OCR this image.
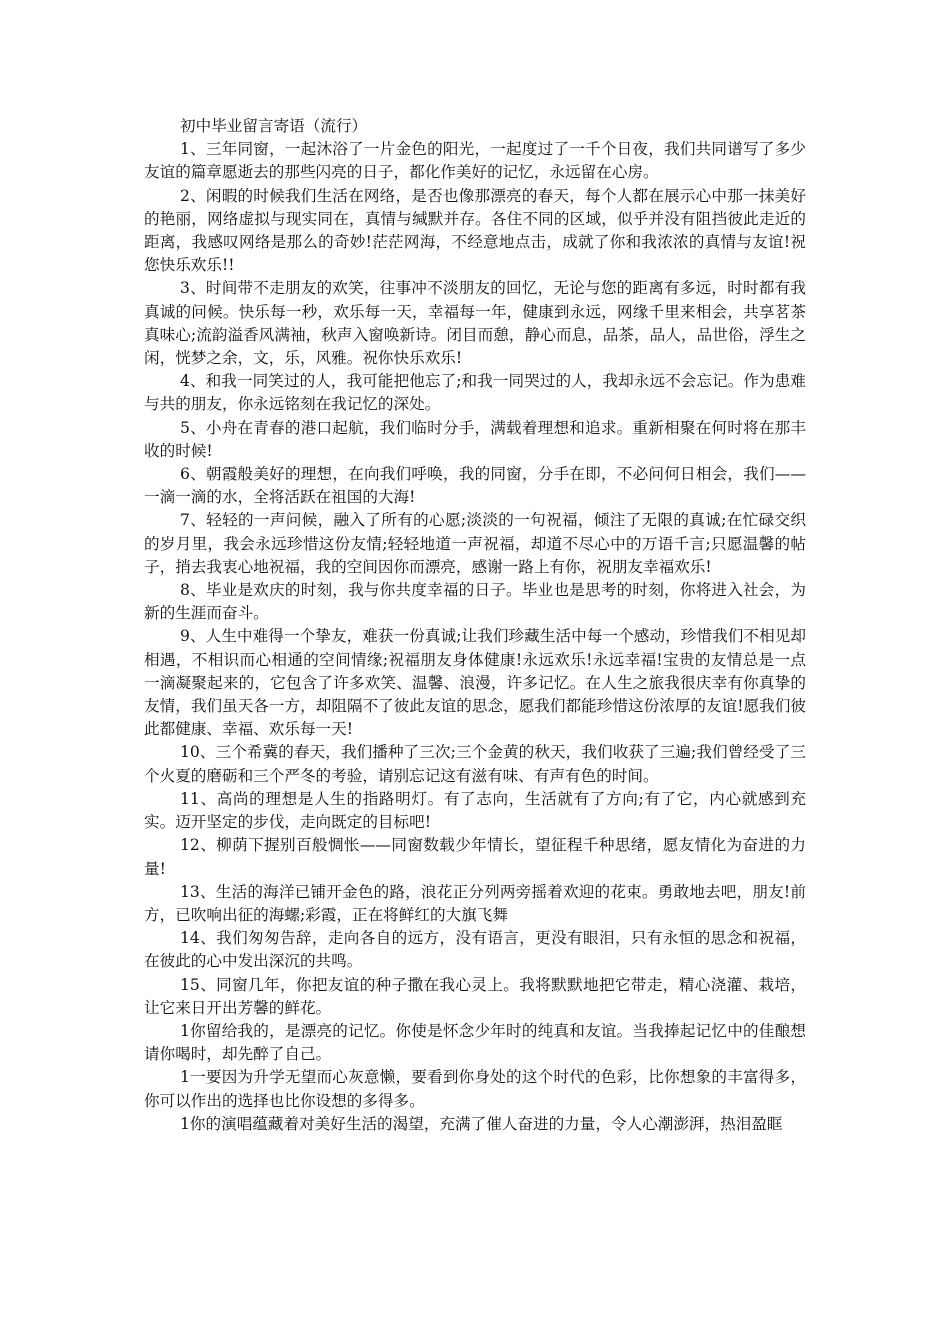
初中毕业留言寄语（流行）

1、三年同窗，一起沐浴了一片金色的阳光，一起度过了一千个日夜，我们共同谱写了多少友谊的篇章愿逝去的那些闪亮的日子，都化作美好的记忆，永远留在心房。

2、闲暇的时候我们生活在网络，是否也像那漂亮的春天，每个人都在展示心中那一抹美好的艳丽，网络虚拟与现实同在，真情与缄默并存。各住不同的区域，似乎并没有阻挡彼此走近的距离，我感叹网络是那么的奇妙!茫茫网海，不经意地点击，成就了你和我浓浓的真情与友谊!祝您快乐欢乐!!

3、时间带不走朋友的欢笑，往事冲不淡朋友的回忆，无论与您的距离有多远，时时都有我真诚的问候。快乐每一秒，欢乐每一天，幸福每一年，健康到永远，网缘千里来相会，共享茗茶真味心;流韵溢香风满袖，秋声入窗唤新诗。闭目而憩，静心而息，品茶，品人，品世俗，浮生之闲，恍梦之余，文，乐，风雅。祝你快乐欢乐!

4、和我一同笑过的人，我可能把他忘了;和我一同哭过的人，我却永远不会忘记。作为患难与共的朋友，你永远铭刻在我记忆的深处。

5、小舟在青春的港口起航，我们临时分手，满载着理想和追求。重新相聚在何时将在那丰收的时候!

6、朝霞般美好的理想，在向我们呼唤，我的同窗，分手在即，不必问何日相会，我们——一滴一滴的水，全将活跃在祖国的大海!

7、轻轻的一声问候，融入了所有的心愿;淡淡的一句祝福，倾注了无限的真诚;在忙碌交织的岁月里，我会永远珍惜这份友情;轻轻地道一声祝福，却道不尽心中的万语千言;只愿温馨的帖子，捎去我衷心地祝福，我的空间因你而漂亮，感谢一路上有你，祝朋友幸福欢乐!

8、毕业是欢庆的时刻，我与你共度幸福的日子。毕业也是思考的时刻，你将进入社会，为新的生涯而奋斗。

9、人生中难得一个挚友，难获一份真诚;让我们珍藏生活中每一个感动，珍惜我们不相见却相遇，不相识而心相通的空间情缘;祝福朋友身体健康!永远欢乐!永远幸福!宝贵的友情总是一点一滴凝聚起来的，它包含了许多欢笑、温馨、浪漫，许多记忆。在人生之旅我很庆幸有你真挚的友情，我们虽天各一方，却阻隔不了彼此友谊的思念，愿我们都能珍惜这份浓厚的友谊!愿我们彼此都健康、幸福、欢乐每一天!

10、三个希冀的春天，我们播种了三次;三个金黄的秋天，我们收获了三遍;我们曾经受了三个火夏的磨砺和三个严冬的考验，请别忘记这有滋有味、有声有色的时间。

11、高尚的理想是人生的指路明灯。有了志向，生活就有了方向;有了它，内心就感到充实。迈开坚定的步伐，走向既定的目标吧!

12、柳荫下握别百般惆怅——同窗数载少年情长，望征程千种思绪，愿友情化为奋进的力量!

13、生活的海洋已铺开金色的路，浪花正分列两旁摇着欢迎的花束。勇敢地去吧，朋友!前方，已吹响出征的海螺;彩霞，正在将鲜红的大旗飞舞

14、我们匆匆告辞，走向各自的远方，没有语言，更没有眼泪，只有永恒的思念和祝福，在彼此的心中发出深沉的共鸣。

15、同窗几年，你把友谊的种子撒在我心灵上。我将默默地把它带走，精心浇灌、栽培，让它来日开出芳馨的鲜花。

1你留给我的，是漂亮的记忆。你使是怀念少年时的纯真和友谊。当我捧起记忆中的佳酿想请你喝时，却先醉了自己。

1一要因为升学无望而心灰意懒，要看到你身处的这个时代的色彩，比你想象的丰富得多，你可以作出的选择也比你设想的多得多。

1你的演唱蕴藏着对美好生活的渴望，充满了催人奋进的力量，令人心潮澎湃，热泪盈眶
